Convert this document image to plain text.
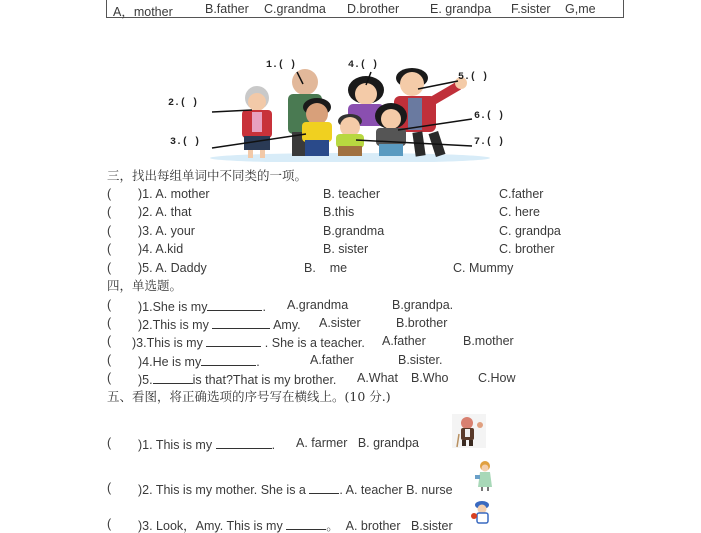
A，mother	B.father C.grandma D.brother E. grandpa F.sister G,me
1.( )
2.( )
3.( )
4.( )
5.( )
6.( )
7.( )
三，找出每组单词中不同类的一项。
( )1. A. mother	B. teacher	C.father
( )2. A. that	B.this	C. here
( )3. A. your	B.grandma	C. grandpa
( )4. A.kid	B. sister	C. brother
( )5. A. Daddy	B.    me	C. Mummy
四，单选题。
( )1.She is my	. A.grandma	B.grandpa.
( )2.This is my	Amy. A.sister	B.brother
( )3.This is my	. She is a teacher. A.father	B.mother
( )4.He is my	.	A.father	B.sister.
( )5.	is that?That is my brother. A.What B.Who C.How
五、看图，将正确选项的序号写在横线上。(10 分.)
( )1. This is my	. A. farmer   B. grandpa
( )2. This is my mother. She is a . A. teacher B. nurse
( )3. Look，Amy. This is my	。  A. brother   B.sister
